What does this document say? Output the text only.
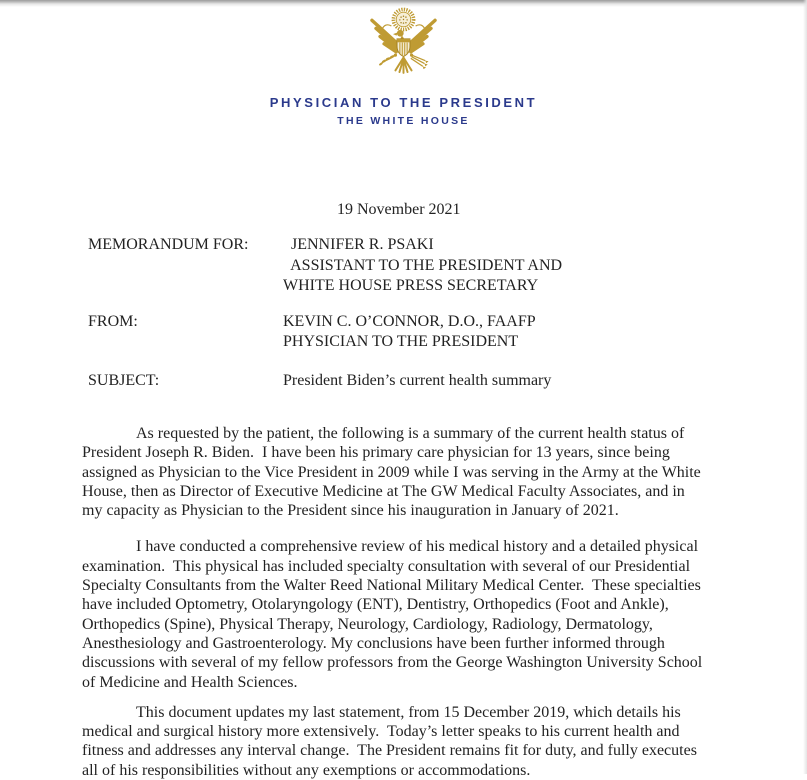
PHYSICIAN TO THE PRESIDENT
THE WHITE HOUSE
19 November 2021
MEMORANDUM FOR:	JENNIFER R. PSAKI
ASSISTANT TO THE PRESIDENT AND
WHITE HOUSE PRESS SECRETARY
FROM:	KEVIN C. O’CONNOR, D.O., FAAFP
PHYSICIAN TO THE PRESIDENT
SUBJECT:	President Biden’s current health summary
As requested by the patient, the following is a summary of the current health status of
President Joseph R. Biden.  I have been his primary care physician for 13 years, since being
assigned as Physician to the Vice President in 2009 while I was serving in the Army at the White
House, then as Director of Executive Medicine at The GW Medical Faculty Associates, and in
my capacity as Physician to the President since his inauguration in January of 2021.
I have conducted a comprehensive review of his medical history and a detailed physical
examination.  This physical has included specialty consultation with several of our Presidential
Specialty Consultants from the Walter Reed National Military Medical Center.  These specialties
have included Optometry, Otolaryngology (ENT), Dentistry, Orthopedics (Foot and Ankle),
Orthopedics (Spine), Physical Therapy, Neurology, Cardiology, Radiology, Dermatology,
Anesthesiology and Gastroenterology. My conclusions have been further informed through
discussions with several of my fellow professors from the George Washington University School
of Medicine and Health Sciences.
This document updates my last statement, from 15 December 2019, which details his
medical and surgical history more extensively.  Today’s letter speaks to his current health and
fitness and addresses any interval change.  The President remains fit for duty, and fully executes
all of his responsibilities without any exemptions or accommodations.
